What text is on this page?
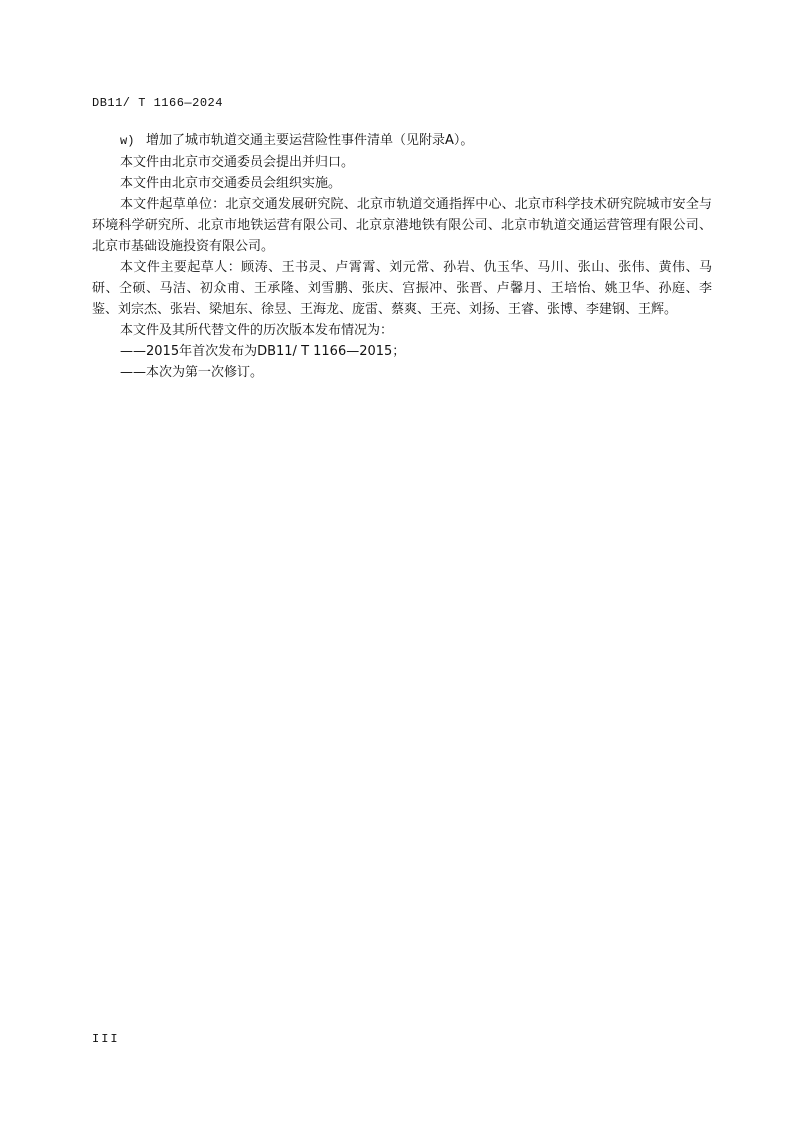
DB11/ T 1166—2024

w) 增加了城市轨道交通主要运营险性事件清单（见附录A）。

本文件由北京市交通委员会提出并归口。

本文件由北京市交通委员会组织实施。

本文件起草单位：北京交通发展研究院、北京市轨道交通指挥中心、北京市科学技术研究院城市安全与环境科学研究所、北京市地铁运营有限公司、北京京港地铁有限公司、北京市轨道交通运营管理有限公司、北京市基础设施投资有限公司。

本文件主要起草人：顾涛、王书灵、卢霄霄、刘元常、孙岩、仇玉华、马川、张山、张伟、黄伟、马研、仝硕、马洁、初众甫、王承隆、刘雪鹏、张庆、宫振冲、张晋、卢馨月、王培怡、姚卫华、孙庭、李鉴、刘宗杰、张岩、梁旭东、徐昱、王海龙、庞雷、蔡爽、王亮、刘扬、王睿、张博、李建钢、王辉。

本文件及其所代替文件的历次版本发布情况为：

——2015年首次发布为DB11/ T 1166—2015；

——本次为第一次修订。

III
